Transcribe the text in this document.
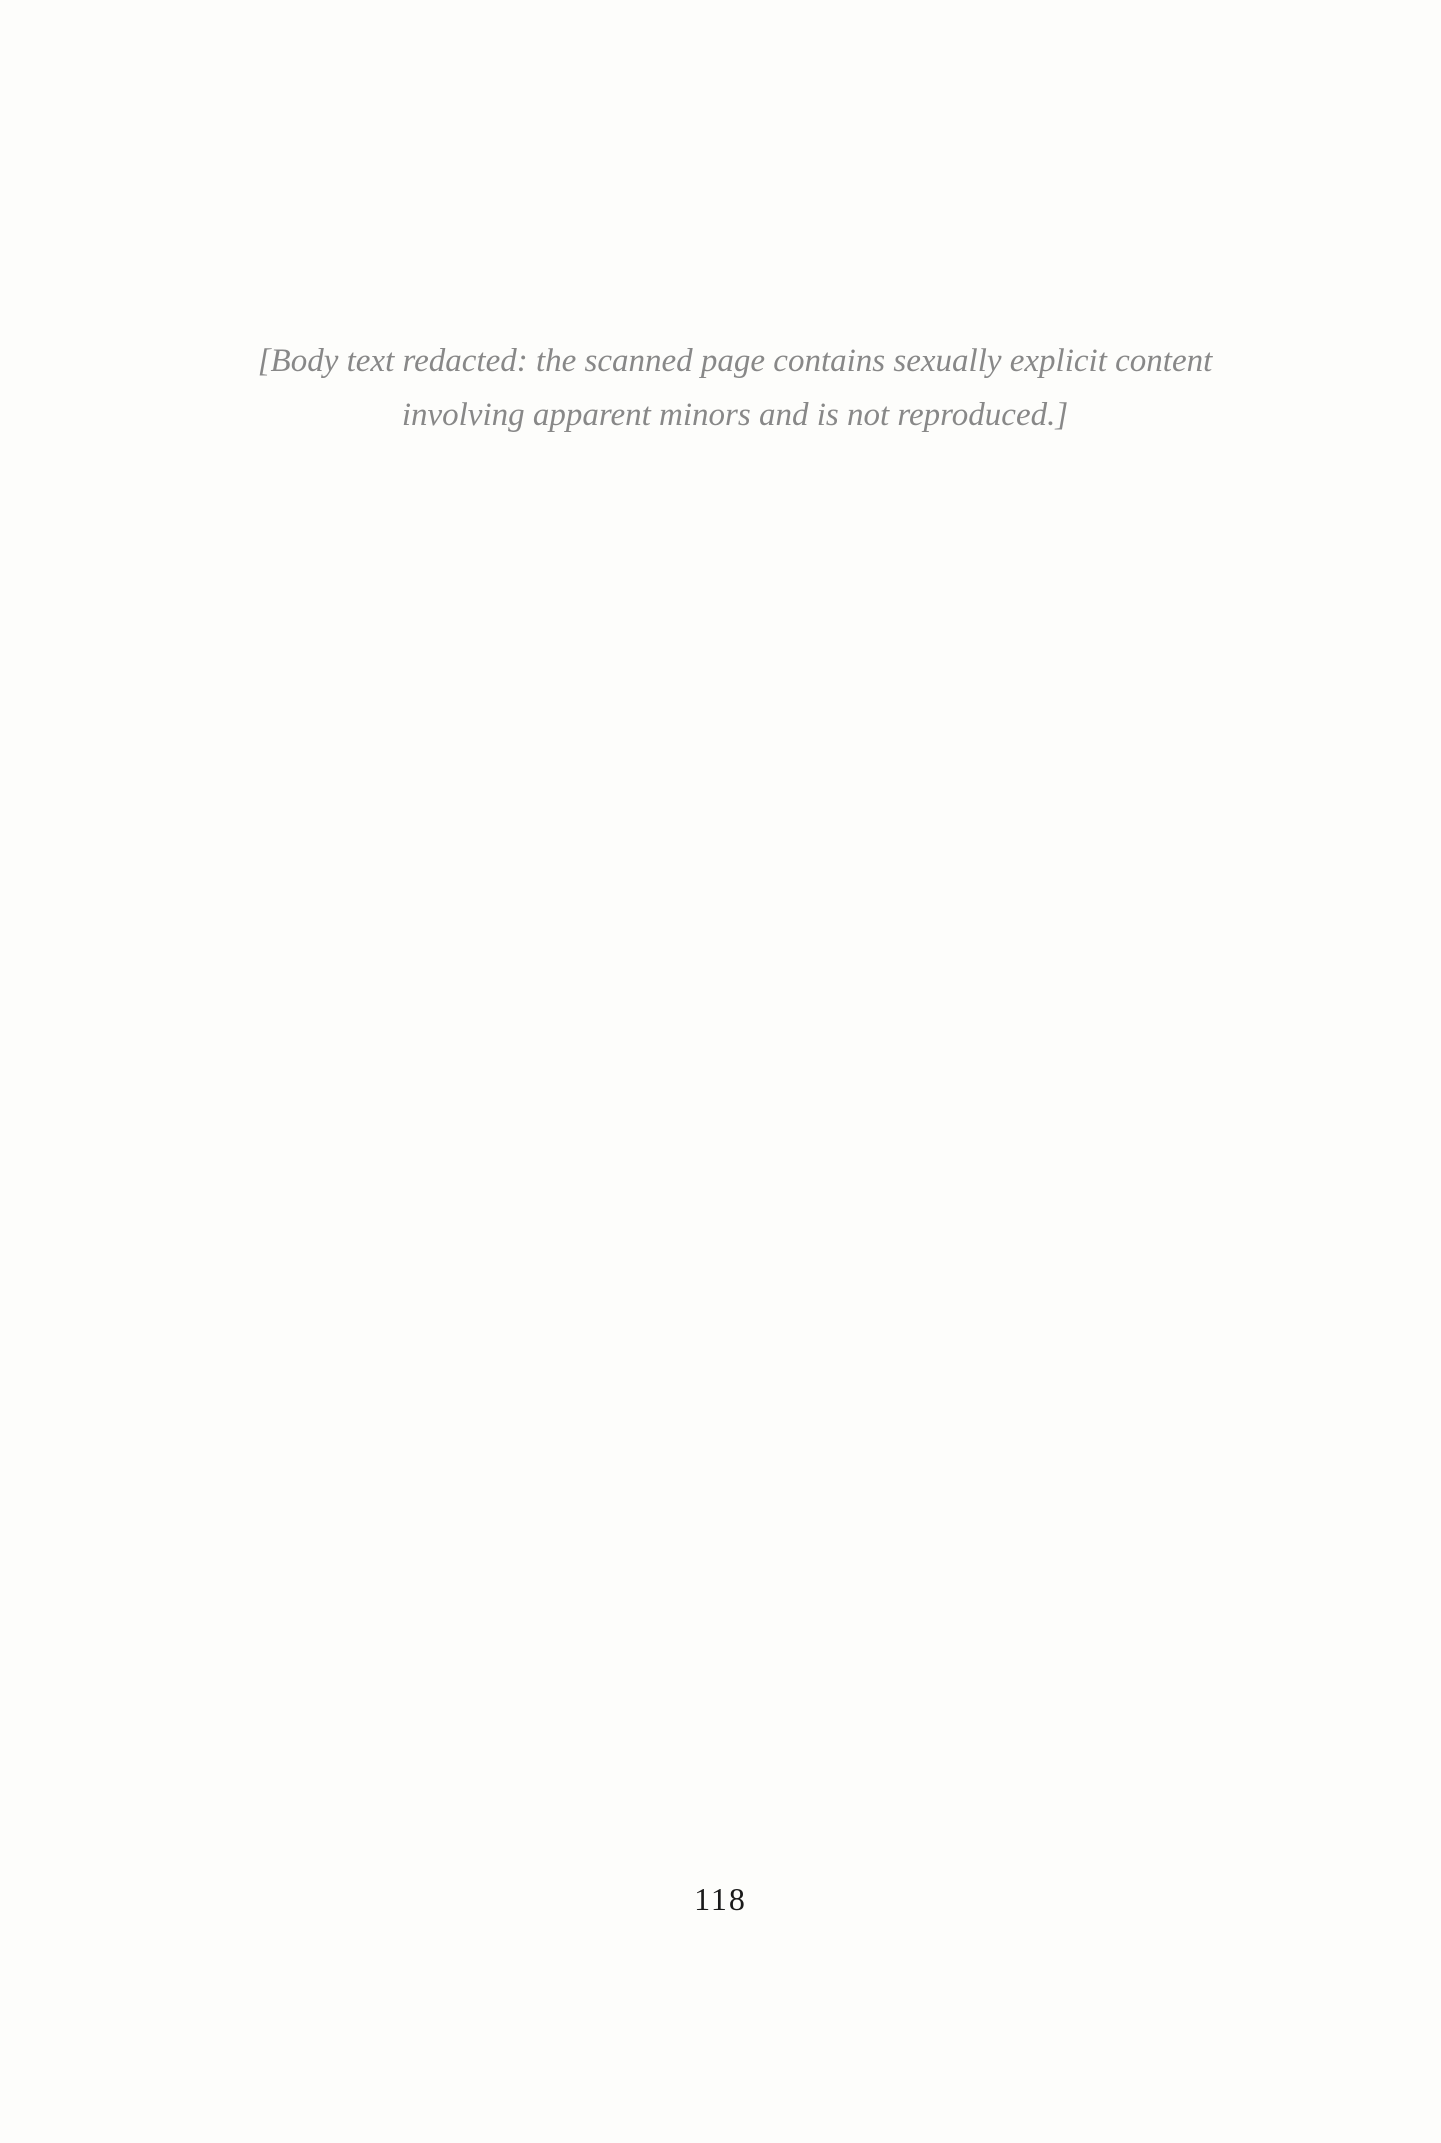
[Body text redacted: the scanned page contains sexually explicit content involving apparent minors and is not reproduced.]
118
